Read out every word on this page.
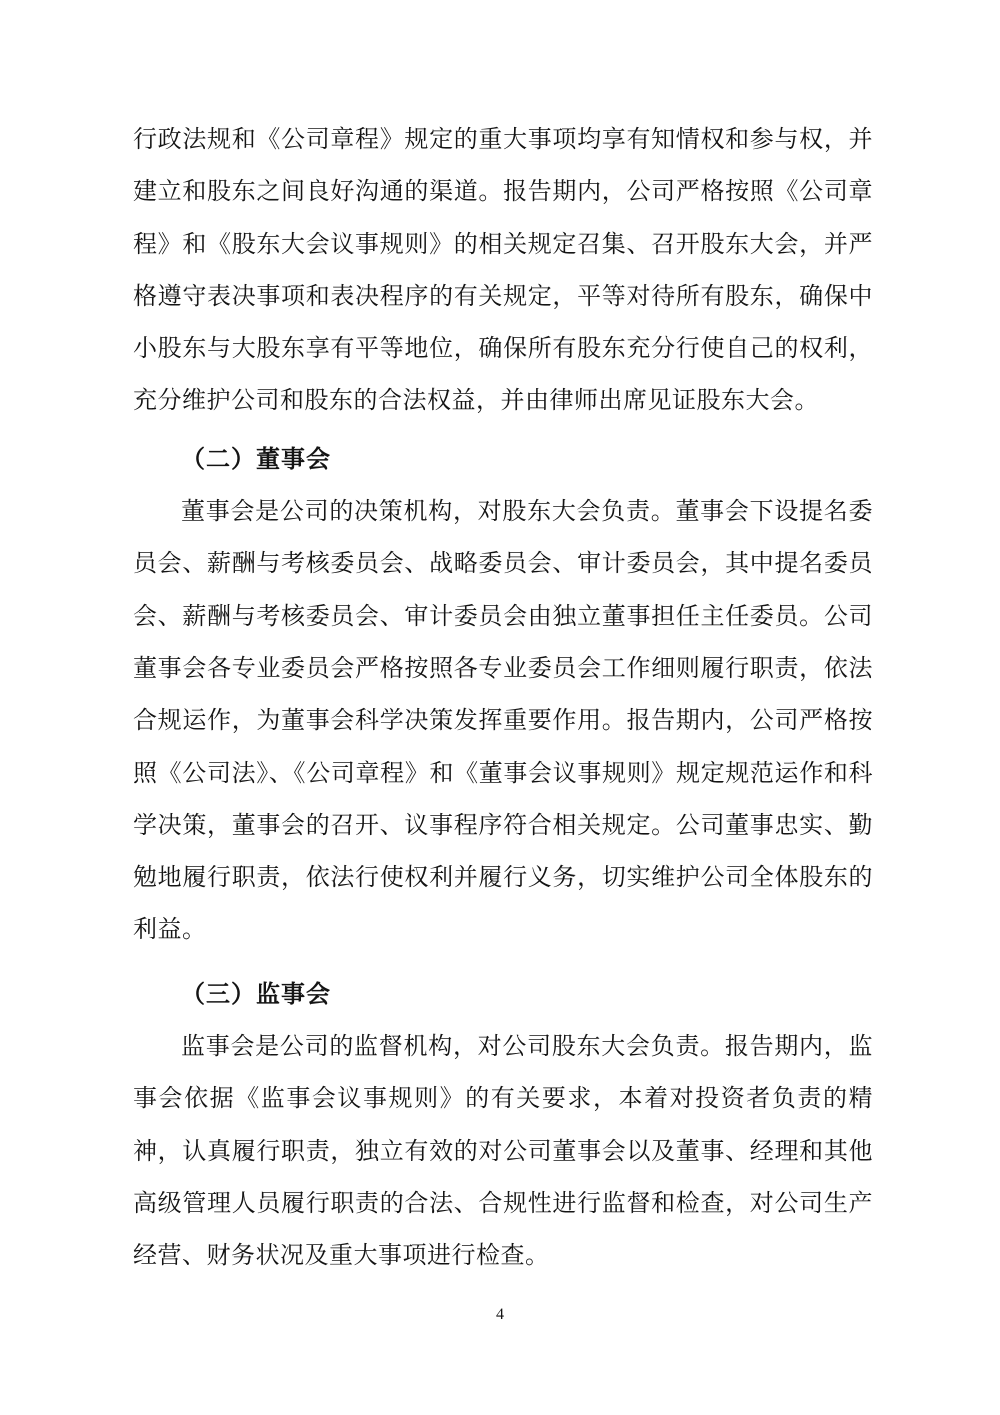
行政法规和《公司章程》规定的重大事项均享有知情权和参与权，并建立和股东之间良好沟通的渠道。报告期内，公司严格按照《公司章程》和《股东大会议事规则》的相关规定召集、召开股东大会，并严格遵守表决事项和表决程序的有关规定，平等对待所有股东，确保中小股东与大股东享有平等地位，确保所有股东充分行使自己的权利，充分维护公司和股东的合法权益，并由律师出席见证股东大会。

（二）董事会

董事会是公司的决策机构，对股东大会负责。董事会下设提名委员会、薪酬与考核委员会、战略委员会、审计委员会，其中提名委员会、薪酬与考核委员会、审计委员会由独立董事担任主任委员。公司董事会各专业委员会严格按照各专业委员会工作细则履行职责，依法合规运作，为董事会科学决策发挥重要作用。报告期内，公司严格按照《公司法》、《公司章程》和《董事会议事规则》规定规范运作和科学决策，董事会的召开、议事程序符合相关规定。公司董事忠实、勤勉地履行职责，依法行使权利并履行义务，切实维护公司全体股东的利益。

（三）监事会

监事会是公司的监督机构，对公司股东大会负责。报告期内，监事会依据《监事会议事规则》的有关要求，本着对投资者负责的精神，认真履行职责，独立有效的对公司董事会以及董事、经理和其他高级管理人员履行职责的合法、合规性进行监督和检查，对公司生产经营、财务状况及重大事项进行检查。

4
